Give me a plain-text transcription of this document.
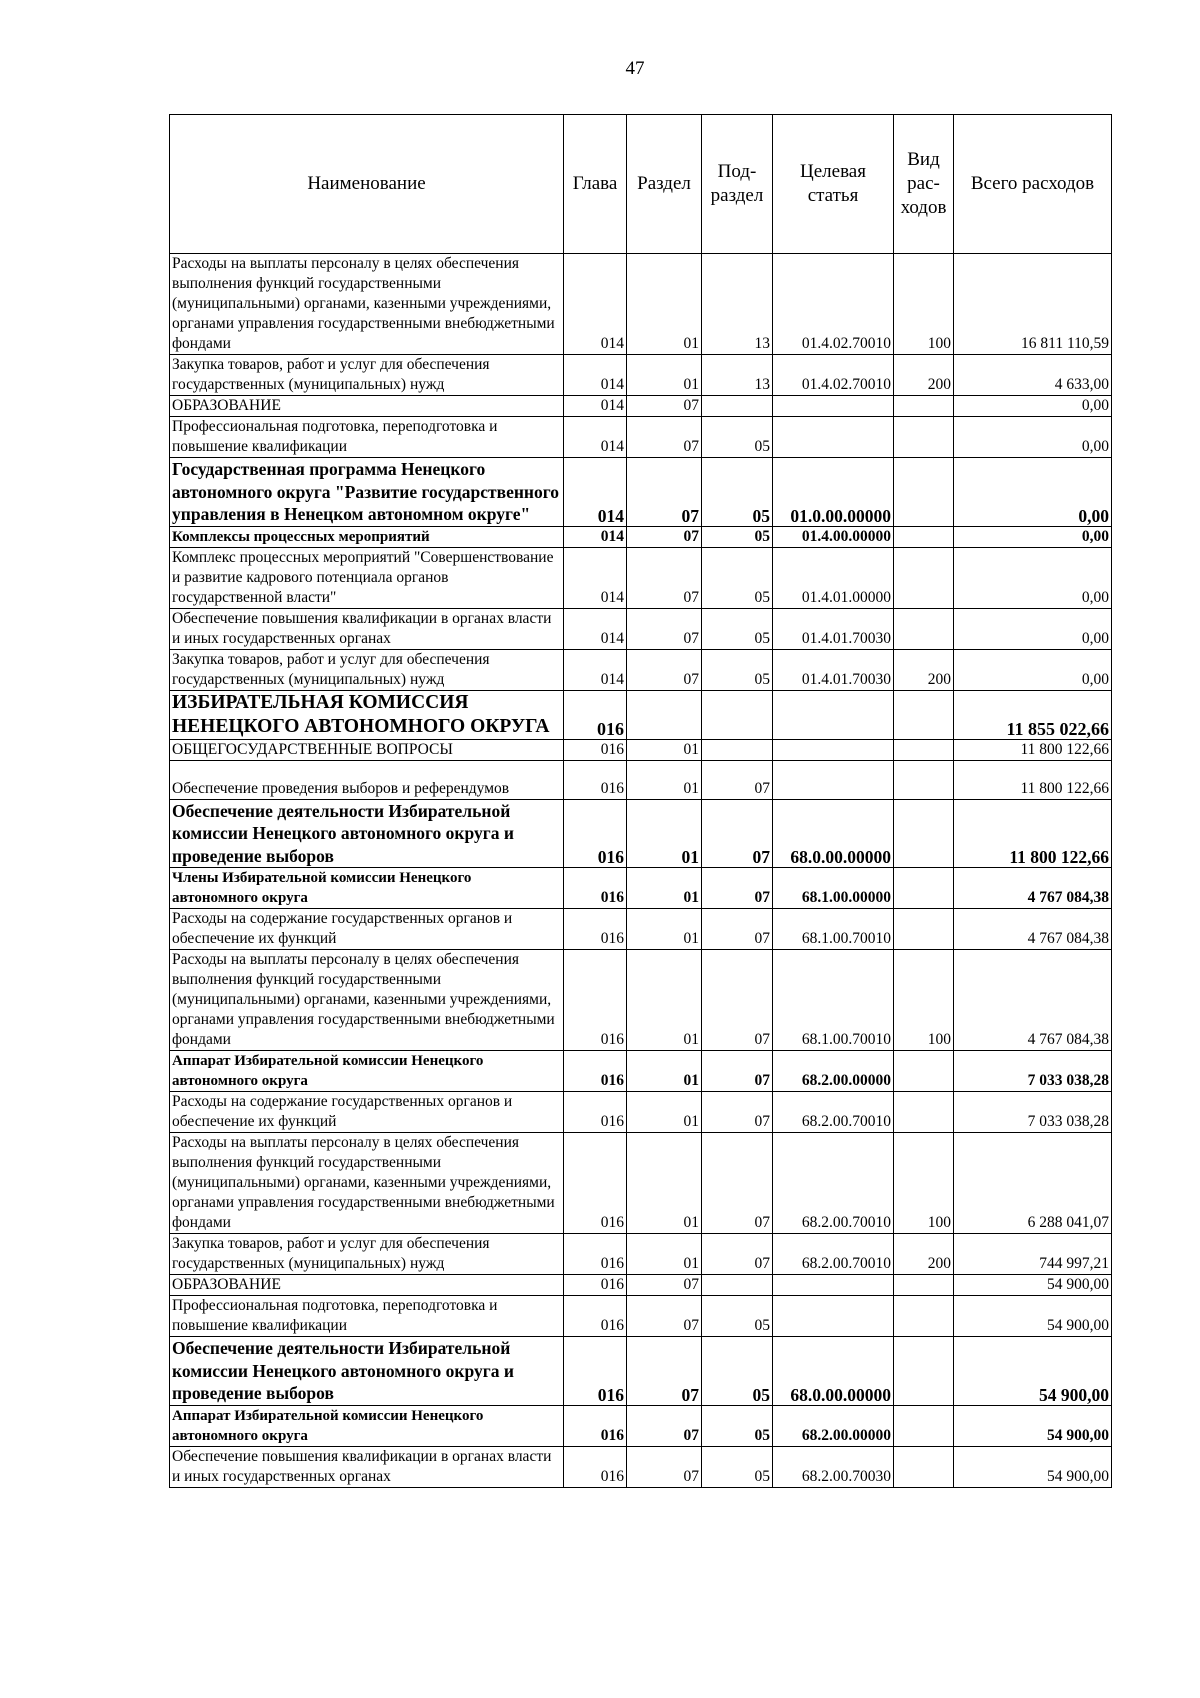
47
Наименование	Глава	Раздел	Под-раздел	Целевая статья	Вид рас-ходов	Всего расходов
Расходы на выплаты персоналу в целях обеспечения выполнения функций государственными (муниципальными) органами, казенными учреждениями, органами управления государственными внебюджетными фондами	014	01	13	01.4.02.70010	100	16 811 110,59
Закупка товаров, работ и услуг для обеспечения государственных (муниципальных) нужд	014	01	13	01.4.02.70010	200	4 633,00
ОБРАЗОВАНИЕ	014	07				0,00
Профессиональная подготовка, переподготовка и повышение квалификации	014	07	05			0,00
Государственная программа Ненецкого автономного округа "Развитие государственного управления в Ненецком автономном округе"	014	07	05	01.0.00.00000		0,00
Комплексы процессных мероприятий	014	07	05	01.4.00.00000		0,00
Комплекс процессных мероприятий "Совершенствование и развитие кадрового потенциала органов государственной власти"	014	07	05	01.4.01.00000		0,00
Обеспечение повышения квалификации в органах власти и иных государственных органах	014	07	05	01.4.01.70030		0,00
Закупка товаров, работ и услуг для обеспечения государственных (муниципальных) нужд	014	07	05	01.4.01.70030	200	0,00
ИЗБИРАТЕЛЬНАЯ КОМИССИЯ НЕНЕЦКОГО АВТОНОМНОГО ОКРУГА	016					11 855 022,66
ОБЩЕГОСУДАРСТВЕННЫЕ ВОПРОСЫ	016	01				11 800 122,66
Обеспечение проведения выборов и референдумов	016	01	07			11 800 122,66
Обеспечение деятельности Избирательной комиссии Ненецкого автономного округа и проведение выборов	016	01	07	68.0.00.00000		11 800 122,66
Члены Избирательной комиссии Ненецкого автономного округа	016	01	07	68.1.00.00000		4 767 084,38
Расходы на содержание государственных органов и обеспечение их функций	016	01	07	68.1.00.70010		4 767 084,38
Расходы на выплаты персоналу в целях обеспечения выполнения функций государственными (муниципальными) органами, казенными учреждениями, органами управления государственными внебюджетными фондами	016	01	07	68.1.00.70010	100	4 767 084,38
Аппарат Избирательной комиссии Ненецкого автономного округа	016	01	07	68.2.00.00000		7 033 038,28
Расходы на содержание государственных органов и обеспечение их функций	016	01	07	68.2.00.70010		7 033 038,28
Расходы на выплаты персоналу в целях обеспечения выполнения функций государственными (муниципальными) органами, казенными учреждениями, органами управления государственными внебюджетными фондами	016	01	07	68.2.00.70010	100	6 288 041,07
Закупка товаров, работ и услуг для обеспечения государственных (муниципальных) нужд	016	01	07	68.2.00.70010	200	744 997,21
ОБРАЗОВАНИЕ	016	07				54 900,00
Профессиональная подготовка, переподготовка и повышение квалификации	016	07	05			54 900,00
Обеспечение деятельности Избирательной комиссии Ненецкого автономного округа и проведение выборов	016	07	05	68.0.00.00000		54 900,00
Аппарат Избирательной комиссии Ненецкого автономного округа	016	07	05	68.2.00.00000		54 900,00
Обеспечение повышения квалификации в органах власти и иных государственных органах	016	07	05	68.2.00.70030		54 900,00
